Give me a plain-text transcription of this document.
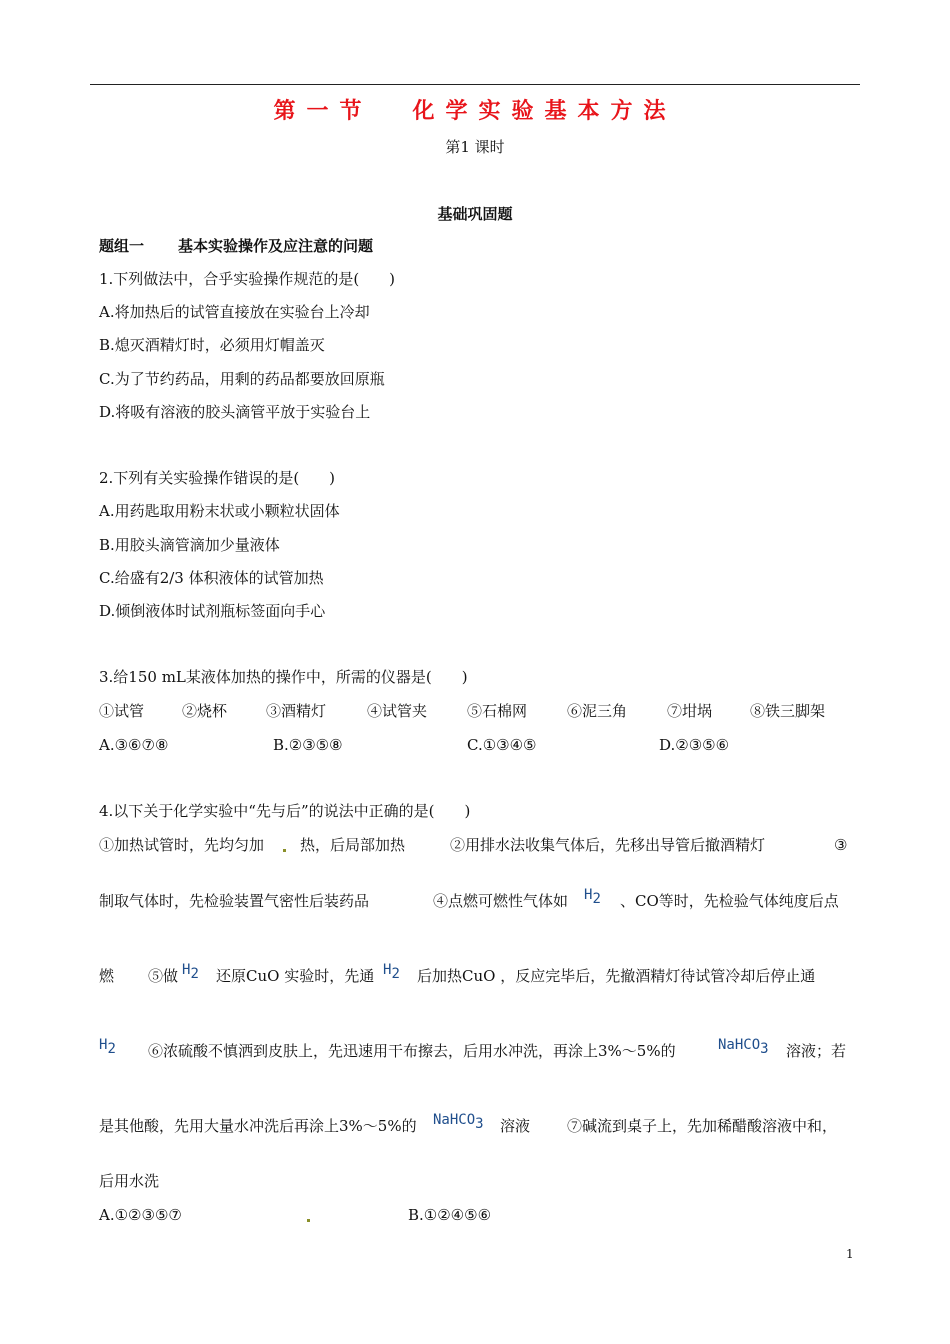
第一节 化学实验基本方法
第1 课时
基础巩固题
题组一 基本实验操作及应注意的问题
1.下列做法中，合乎实验操作规范的是(　　)
A.将加热后的试管直接放在实验台上冷却
B.熄灭酒精灯时，必须用灯帽盖灭
C.为了节约药品，用剩的药品都要放回原瓶
D.将吸有溶液的胶头滴管平放于实验台上
2.下列有关实验操作错误的是(　　)
A.用药匙取用粉末状或小颗粒状固体
B.用胶头滴管滴加少量液体
C.给盛有2/3 体积液体的试管加热
D.倾倒液体时试剂瓶标签面向手心
3.给150 mL某液体加热的操作中，所需的仪器是(　　)
①试管	②烧杯	③酒精灯	④试管夹	⑤石棉网	⑥泥三角	⑦坩埚	⑧铁三脚架
A.③⑥⑦⑧	B.②③⑤⑧	C.①③④⑤	D.②③⑤⑥
4.以下关于化学实验中“先与后”的说法中正确的是(　　)
①加热试管时，先均匀加 热，后局部加热	②用排水法收集气体后，先移出导管后撤酒精灯	③
制取气体时，先检验装置气密性后装药品	④点燃可燃性气体如 $H_2$ 、CO等时，先检验气体纯度后点
燃 ⑤做 $H_2$ 还原CuO 实验时，先通 $H_2$ 后加热CuO ，反应完毕后，先撤酒精灯待试管冷却后停止通
$H_2$ ⑥浓硫酸不慎洒到皮肤上，先迅速用干布擦去，后用水冲洗，再涂上3%～5%的	NaHCO$_3$ 溶液；若
是其他酸，先用大量水冲洗后再涂上3%～5%的 NaHCO$_3$ 溶液 ⑦碱流到桌子上，先加稀醋酸溶液中和，
后用水洗
A.①②③⑤⑦	B.①②④⑤⑥
1
